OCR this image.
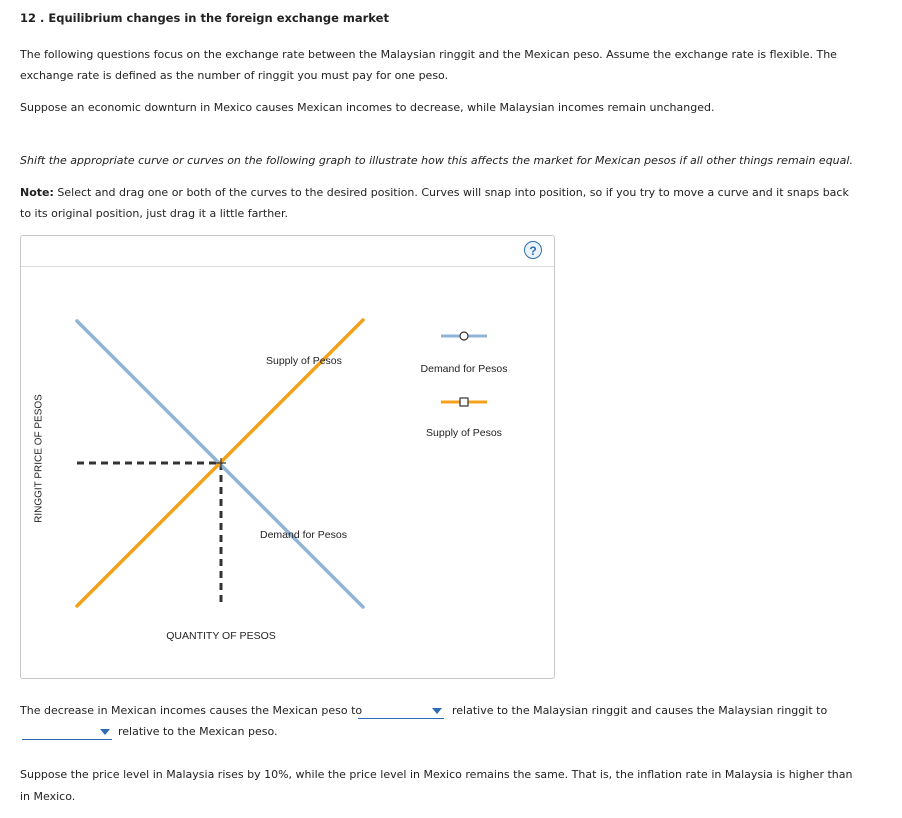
12 . Equilibrium changes in the foreign exchange market
The following questions focus on the exchange rate between the Malaysian ringgit and the Mexican peso. Assume the exchange rate is flexible. The
exchange rate is defined as the number of ringgit you must pay for one peso.
Suppose an economic downturn in Mexico causes Mexican incomes to decrease, while Malaysian incomes remain unchanged.
Shift the appropriate curve or curves on the following graph to illustrate how this affects the market for Mexican pesos if all other things remain equal.
Note: Select and drag one or both of the curves to the desired position. Curves will snap into position, so if you try to move a curve and it snaps back
to its original position, just drag it a little farther.
?
RINGGIT PRICE OF PESOS
QUANTITY OF PESOS
Supply of Pesos
Demand for Pesos
Demand for Pesos
Supply of Pesos
The decrease in Mexican incomes causes the Mexican peso to	relative to the Malaysian ringgit and causes the Malaysian ringgit to
relative to the Mexican peso.
Suppose the price level in Malaysia rises by 10%, while the price level in Mexico remains the same. That is, the inflation rate in Malaysia is higher than
in Mexico.
